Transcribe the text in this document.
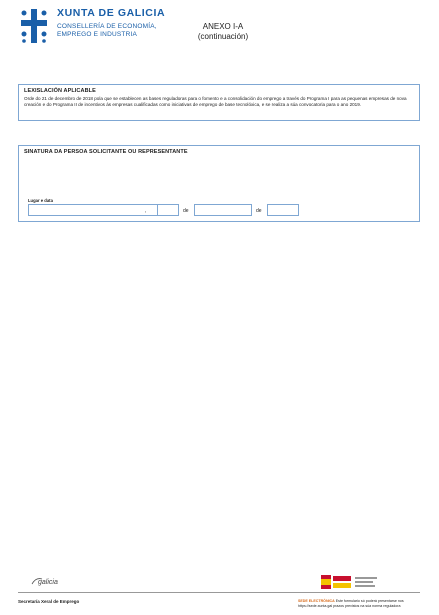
XUNTA DE GALICIA
CONSELLERÍA DE ECONOMÍA,
EMPREGO E INDUSTRIA
ANEXO I-A
(continuación)
LEXISLACIÓN APLICABLE
Orde do 21 de decembro de 2018 pola que se establecen as bases reguladoras para o fomento e a consolidación do emprego a través do Programa I para as pequenas empresas de nova creación e do Programa II de incentivos ás empresas cualificadas como iniciativas de emprego de base tecnolóxica, e se realiza a súa convocatoria para o ano 2019.
SINATURA DA PERSOA SOLICITANTE OU REPRESENTANTE
Lugar e data
,	de	de
galicia
Secretaría Xeral de Emprego	SEDE ELECTRÓNICA Este formulario só poderá presentarse nos
https://sede.xunta.gal prazos previstos na súa norma reguladora
